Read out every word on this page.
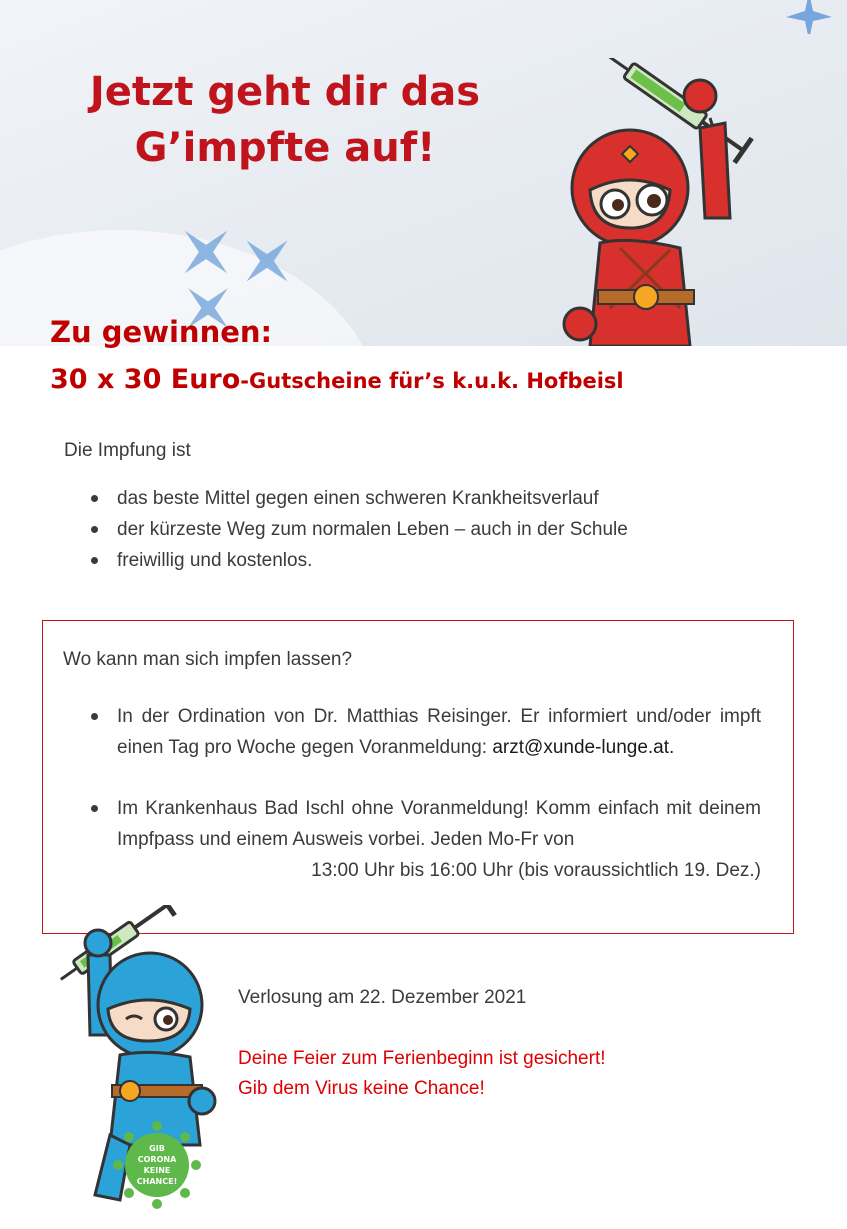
Jetzt geht dir das
G’impfte auf!
Zu gewinnen:
30 x 30 Euro-Gutscheine für’s k.u.k. Hofbeisl
Die Impfung ist
das beste Mittel gegen einen schweren Krankheitsverlauf
der kürzeste Weg zum normalen Leben – auch in der Schule
freiwillig und kostenlos.
Wo kann man sich impfen lassen?
In der Ordination von Dr. Matthias Reisinger. Er informiert und/oder impft einen Tag pro Woche gegen Voranmeldung: arzt@xunde-lunge.at.
Im Krankenhaus Bad Ischl ohne Voranmeldung! Komm einfach mit deinem Impfpass und einem Ausweis vorbei. Jeden Mo-Fr von
13:00 Uhr bis 16:00 Uhr (bis voraussichtlich 19. Dez.)
GIB
CORONA
KEINE
CHANCE!
Verlosung am 22. Dezember 2021
Deine Feier zum Ferienbeginn ist gesichert!
Gib dem Virus keine Chance!
